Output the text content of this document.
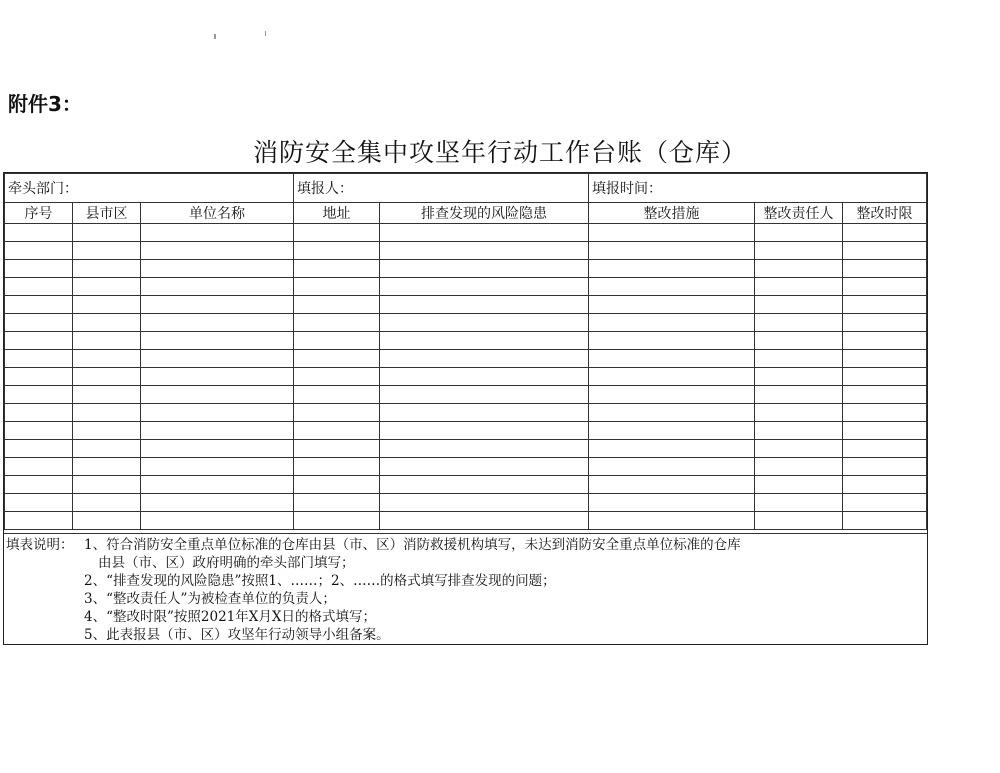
附件3：
消防安全集中攻坚年行动工作台账（仓库）
牵头部门：			填报人：		填报时间：		
序号	县市区	单位名称	地址	排查发现的风险隐患	整改措施	整改责任人	整改时限

填表说明： 1、符合消防安全重点单位标准的仓库由县（市、区）消防救援机构填写，未达到消防安全重点单位标准的仓库
由县（市、区）政府明确的牵头部门填写；
2、“排查发现的风险隐患”按照1、……；2、……的格式填写排查发现的问题；
3、“整改责任人”为被检查单位的负责人；
4、“整改时限”按照2021年X月X日的格式填写；
5、此表报县（市、区）攻坚年行动领导小组备案。
